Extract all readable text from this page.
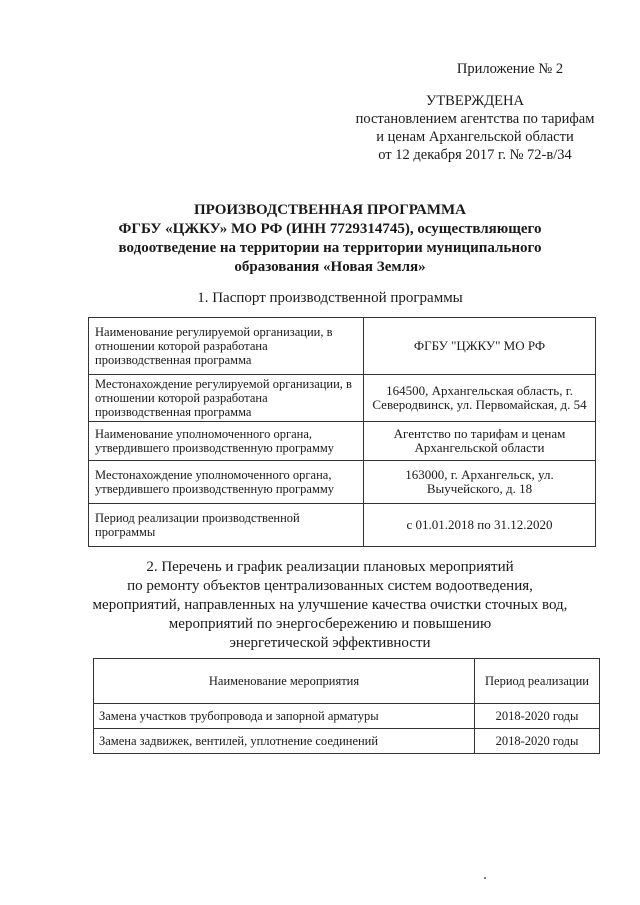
Приложение № 2
УТВЕРЖДЕНА
постановлением агентства по тарифам
и ценам Архангельской области
от 12 декабря 2017 г. № 72-в/34
ПРОИЗВОДСТВЕННАЯ ПРОГРАММА
ФГБУ «ЦЖКУ» МО РФ (ИНН 7729314745), осуществляющего
водоотведение на территории на территории муниципального
образования «Новая Земля»
1. Паспорт производственной программы
Наименование регулируемой организации, в отношении которой разработана производственная программа	ФГБУ "ЦЖКУ" МО РФ
Местонахождение регулируемой организации, в отношении которой разработана производственная программа	164500, Архангельская область, г. Северодвинск, ул. Первомайская, д. 54
Наименование уполномоченного органа, утвердившего производственную программу	Агентство по тарифам и ценам Архангельской области
Местонахождение уполномоченного органа, утвердившего производственную программу	163000, г. Архангельск, ул. Выучейского, д. 18
Период реализации производственной программы	с 01.01.2018 по 31.12.2020
2. Перечень и график реализации плановых мероприятий
по ремонту объектов централизованных систем водоотведения,
мероприятий, направленных на улучшение качества очистки сточных вод,
мероприятий по энергосбережению и повышению
энергетической эффективности
Наименование мероприятия	Период реализации
Замена участков трубопровода и запорной арматуры	2018-2020 годы
Замена задвижек, вентилей, уплотнение соединений	2018-2020 годы
